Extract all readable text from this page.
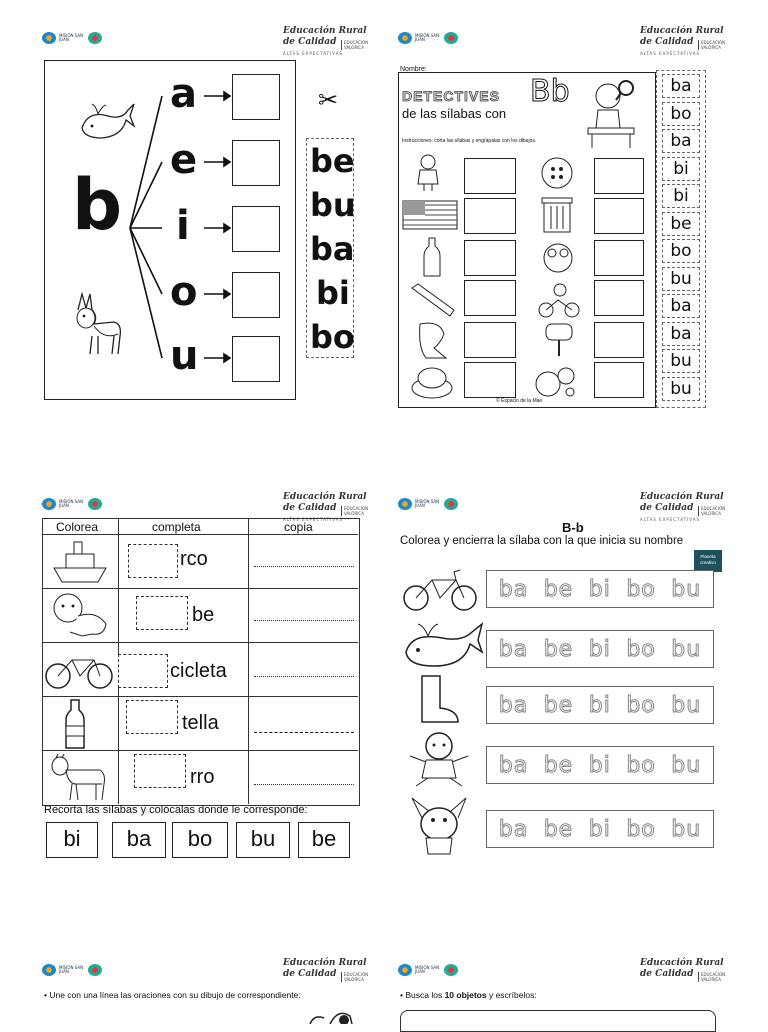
MISIÓN SAN JUAN
Educación Rural
de Calidad	EDUCACIÓN
VALÓRICA
ALTAS EXPECTATIVAS
b
a
e
i
o
u
✂
be
bu
ba
bi
bo
MISIÓN SAN JUAN
Educación Rural
de Calidad	EDUCACIÓN
VALÓRICA
ALTAS EXPECTATIVAS
Nombre:
DETECTIVES
de las sílabas con
Bb
Instrucciones: corta las sílabas y engrápalas con los dibujos.
© Espacio de la Mae
ba
bo
ba
bi
bi
be
bo
bu
ba
ba
bu
bu
MISIÓN SAN JUAN
Educación Rural
de Calidad	EDUCACIÓN
VALÓRICA
ALTAS EXPECTATIVAS
Colorea	completa	copia
rco
be
cicleta
tella
rro
Recorta las sílabas y colócalas donde le corresponde:
bi	ba	bo	bu	be
MISIÓN SAN JUAN
Educación Rural
de Calidad	EDUCACIÓN
VALÓRICA
ALTAS EXPECTATIVAS
B-b
Colorea y encierra la sílaba con la que inicia su nombre
Planeta
creativo
ba be bi bo bu
ba be bi bo bu
ba be bi bo bu
ba be bi bo bu
ba be bi bo bu
MISIÓN SAN JUAN
Educación Rural
de Calidad	EDUCACIÓN
VALÓRICA
• Une con una línea las oraciones con su dibujo de correspondiente:
MISIÓN SAN JUAN
Educación Rural
de Calidad	EDUCACIÓN
VALÓRICA
• Busca los 10 objetos y escríbelos:
